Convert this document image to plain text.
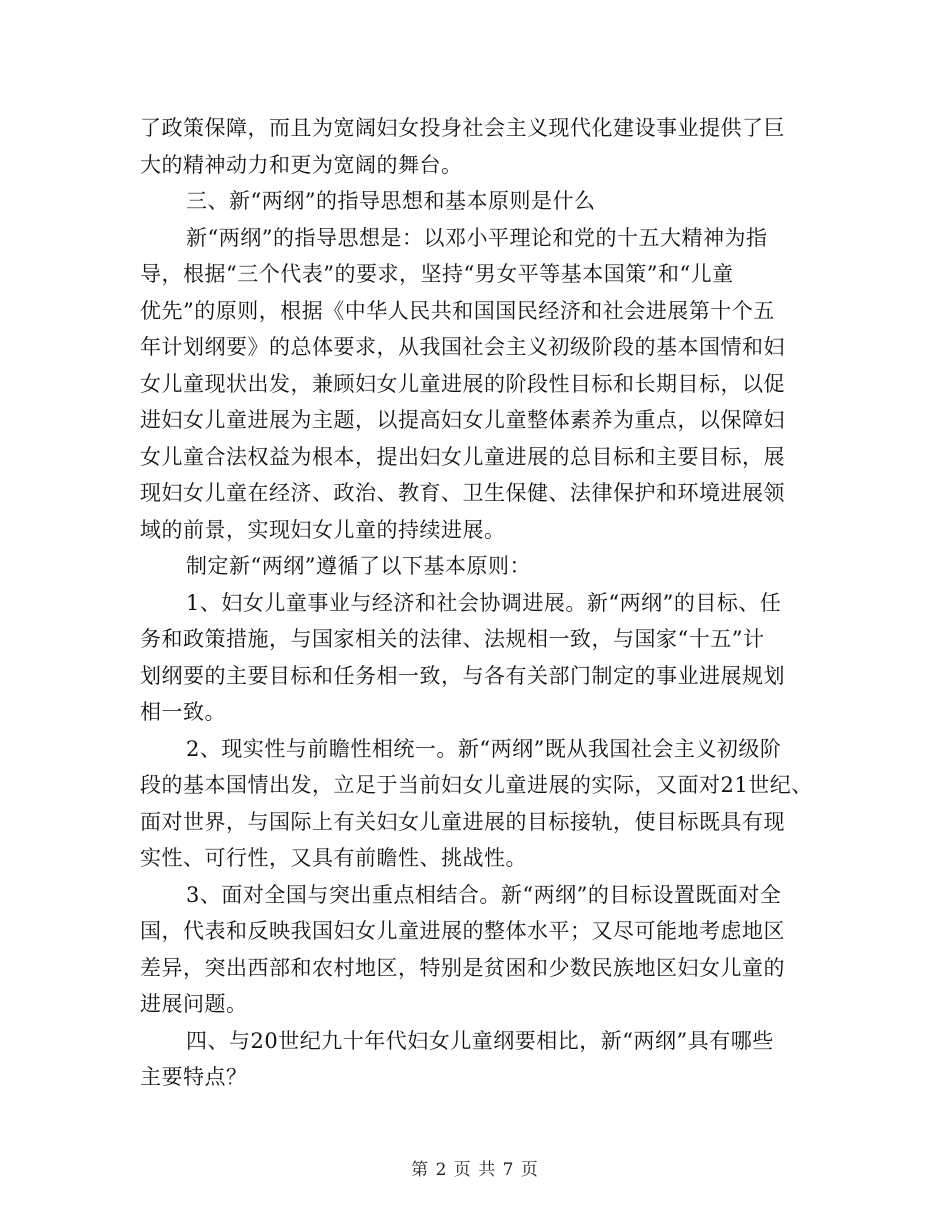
了政策保障，而且为宽阔妇女投身社会主义现代化建设事业提供了巨
大的精神动力和更为宽阔的舞台。
三、新“两纲”的指导思想和基本原则是什么
新“两纲”的指导思想是：以邓小平理论和党的十五大精神为指
导，根据“三个代表”的要求，坚持“男女平等基本国策”和“儿童
优先”的原则，根据《中华人民共和国国民经济和社会进展第十个五
年计划纲要》的总体要求，从我国社会主义初级阶段的基本国情和妇
女儿童现状出发，兼顾妇女儿童进展的阶段性目标和长期目标，以促
进妇女儿童进展为主题，以提高妇女儿童整体素养为重点，以保障妇
女儿童合法权益为根本，提出妇女儿童进展的总目标和主要目标，展
现妇女儿童在经济、政治、教育、卫生保健、法律保护和环境进展领
域的前景，实现妇女儿童的持续进展。
制定新“两纲”遵循了以下基本原则：
1、妇女儿童事业与经济和社会协调进展。新“两纲”的目标、任
务和政策措施，与国家相关的法律、法规相一致，与国家“十五”计
划纲要的主要目标和任务相一致，与各有关部门制定的事业进展规划
相一致。
2、现实性与前瞻性相统一。新“两纲”既从我国社会主义初级阶
段的基本国情出发，立足于当前妇女儿童进展的实际，又面对21世纪、
面对世界，与国际上有关妇女儿童进展的目标接轨，使目标既具有现
实性、可行性，又具有前瞻性、挑战性。
3、面对全国与突出重点相结合。新“两纲”的目标设置既面对全
国，代表和反映我国妇女儿童进展的整体水平；又尽可能地考虑地区
差异，突出西部和农村地区，特别是贫困和少数民族地区妇女儿童的
进展问题。
四、与20世纪九十年代妇女儿童纲要相比，新“两纲”具有哪些
主要特点？
第 2 页 共 7 页
